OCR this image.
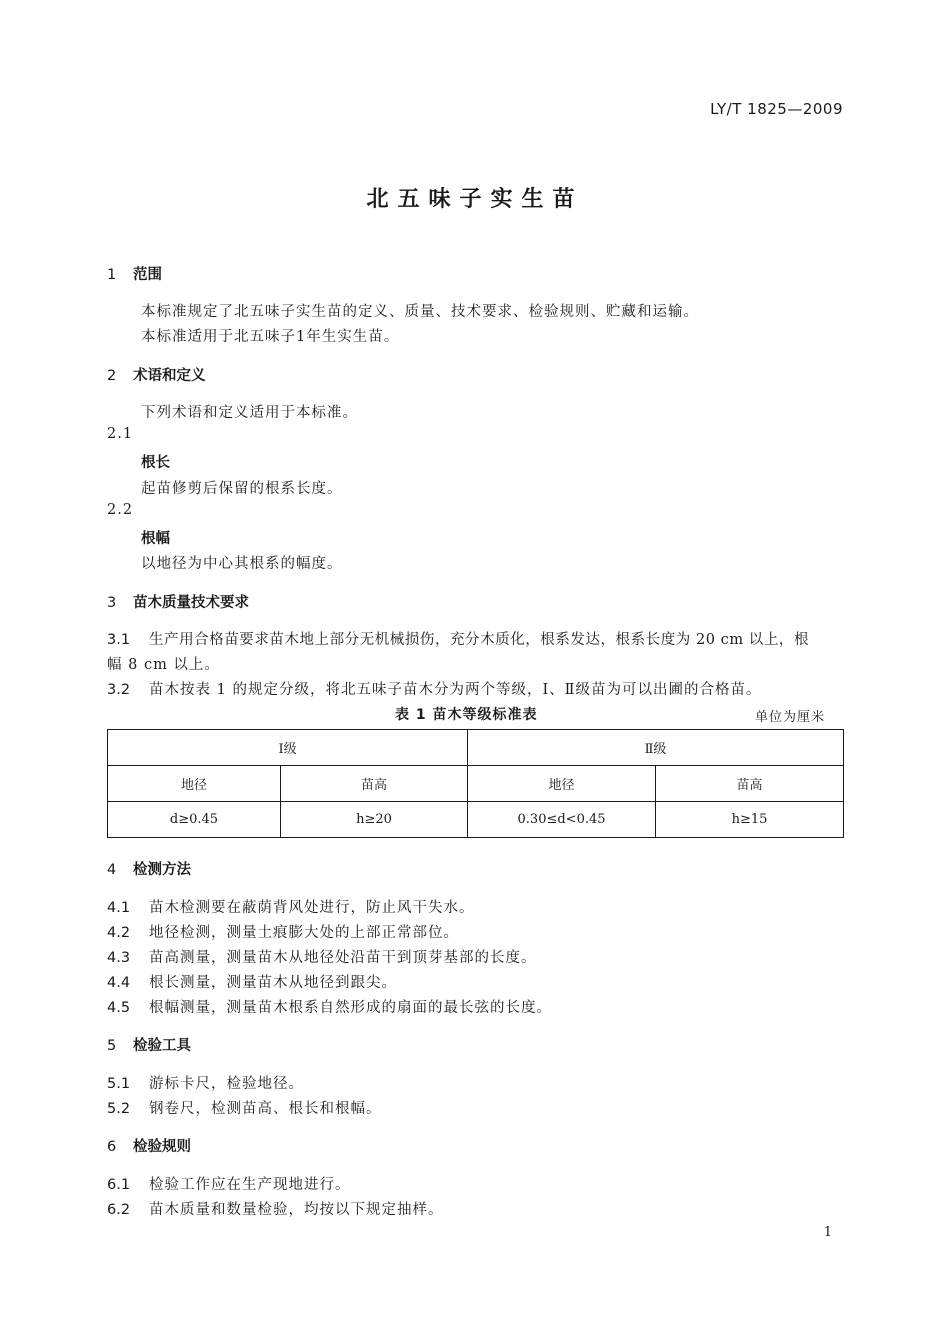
LY/T 1825—2009
北五味子实生苗
1 范围
本标准规定了北五味子实生苗的定义、质量、技术要求、检验规则、贮藏和运输。
本标准适用于北五味子1年生实生苗。
2 术语和定义
下列术语和定义适用于本标准。
2.1
根长
起苗修剪后保留的根系长度。
2.2
根幅
以地径为中心其根系的幅度。
3 苗木质量技术要求
3.1 生产用合格苗要求苗木地上部分无机械损伤，充分木质化，根系发达，根系长度为 20 cm 以上，根
幅 8 cm 以上。
3.2 苗木按表 1 的规定分级，将北五味子苗木分为两个等级，Ⅰ、Ⅱ级苗为可以出圃的合格苗。
表 1 苗木等级标准表	单位为厘米
Ⅰ级		Ⅱ级	
地径	苗高	地径	苗高
d≥0.45	h≥20	0.30≤d<0.45	h≥15
4 检测方法
4.1 苗木检测要在蔽荫背风处进行，防止风干失水。
4.2 地径检测，测量土痕膨大处的上部正常部位。
4.3 苗高测量，测量苗木从地径处沿苗干到顶芽基部的长度。
4.4 根长测量，测量苗木从地径到跟尖。
4.5 根幅测量，测量苗木根系自然形成的扇面的最长弦的长度。
5 检验工具
5.1 游标卡尺，检验地径。
5.2 钢卷尺，检测苗高、根长和根幅。
6 检验规则
6.1 检验工作应在生产现地进行。
6.2 苗木质量和数量检验，均按以下规定抽样。
1
